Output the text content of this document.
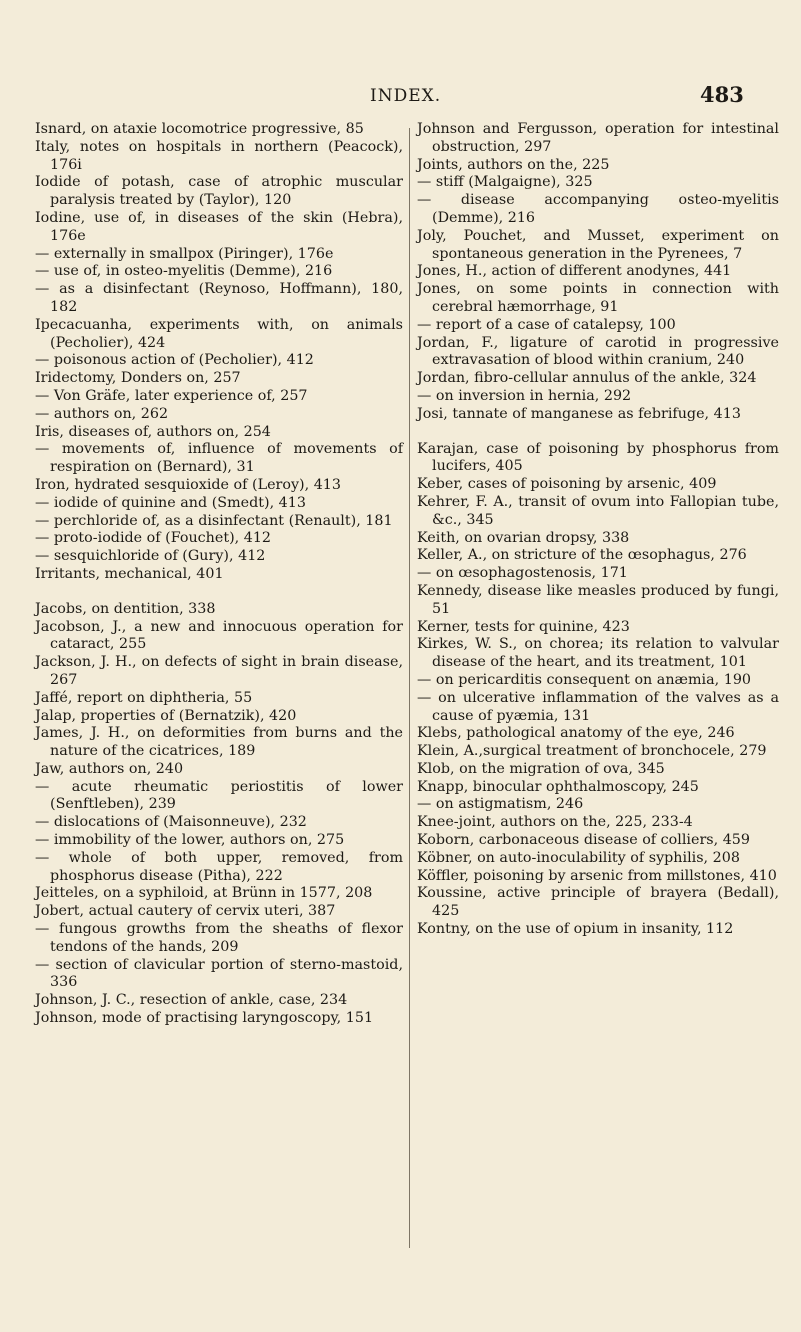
INDEX.	483
Isnard, on ataxie locomotrice progressive, 85
Italy, notes on hospitals in northern (Peacock), 176i
Iodide of potash, case of atrophic muscular paralysis treated by (Taylor), 120
Iodine, use of, in diseases of the skin (Hebra), 176e
— externally in smallpox (Piringer), 176e
— use of, in osteo-myelitis (Demme), 216
— as a disinfectant (Reynoso, Hoffmann), 180, 182
Ipecacuanha, experiments with, on animals (Pecholier), 424
— poisonous action of (Pecholier), 412
Iridectomy, Donders on, 257
— Von Gräfe, later experience of, 257
— authors on, 262
Iris, diseases of, authors on, 254
— movements of, influence of movements of respiration on (Bernard), 31
Iron, hydrated sesquioxide of (Leroy), 413
— iodide of quinine and (Smedt), 413
— perchloride of, as a disinfectant (Renault), 181
— proto-iodide of (Fouchet), 412
— sesquichloride of (Gury), 412
Irritants, mechanical, 401
Jacobs, on dentition, 338
Jacobson, J., a new and innocuous operation for cataract, 255
Jackson, J. H., on defects of sight in brain disease, 267
Jaffé, report on diphtheria, 55
Jalap, properties of (Bernatzik), 420
James, J. H., on deformities from burns and the nature of the cicatrices, 189
Jaw, authors on, 240
— acute rheumatic periostitis of lower (Senftleben), 239
— dislocations of (Maisonneuve), 232
— immobility of the lower, authors on, 275
— whole of both upper, removed, from phosphorus disease (Pitha), 222
Jeitteles, on a syphiloid, at Brünn in 1577, 208
Jobert, actual cautery of cervix uteri, 387
— fungous growths from the sheaths of flexor tendons of the hands, 209
— section of clavicular portion of sterno-mastoid, 336
Johnson, J. C., resection of ankle, case, 234
Johnson, mode of practising laryngoscopy, 151
Johnson and Fergusson, operation for intestinal obstruction, 297
Joints, authors on the, 225
— stiff (Malgaigne), 325
— disease accompanying osteo-myelitis (Demme), 216
Joly, Pouchet, and Musset, experiment on spontaneous generation in the Pyrenees, 7
Jones, H., action of different anodynes, 441
Jones, on some points in connection with cerebral hæmorrhage, 91
— report of a case of catalepsy, 100
Jordan, F., ligature of carotid in progressive extravasation of blood within cranium, 240
Jordan, fibro-cellular annulus of the ankle, 324
— on inversion in hernia, 292
Josi, tannate of manganese as febrifuge, 413
Karajan, case of poisoning by phosphorus from lucifers, 405
Keber, cases of poisoning by arsenic, 409
Kehrer, F. A., transit of ovum into Fallopian tube, &c., 345
Keith, on ovarian dropsy, 338
Keller, A., on stricture of the œsophagus, 276
— on œsophagostenosis, 171
Kennedy, disease like measles produced by fungi, 51
Kerner, tests for quinine, 423
Kirkes, W. S., on chorea; its relation to valvular disease of the heart, and its treatment, 101
— on pericarditis consequent on anæmia, 190
— on ulcerative inflammation of the valves as a cause of pyæmia, 131
Klebs, pathological anatomy of the eye, 246
Klein, A.,surgical treatment of bronchocele, 279
Klob, on the migration of ova, 345
Knapp, binocular ophthalmoscopy, 245
— on astigmatism, 246
Knee-joint, authors on the, 225, 233-4
Koborn, carbonaceous disease of colliers, 459
Köbner, on auto-inoculability of syphilis, 208
Köffler, poisoning by arsenic from millstones, 410
Koussine, active principle of brayera (Bedall), 425
Kontny, on the use of opium in insanity, 112
